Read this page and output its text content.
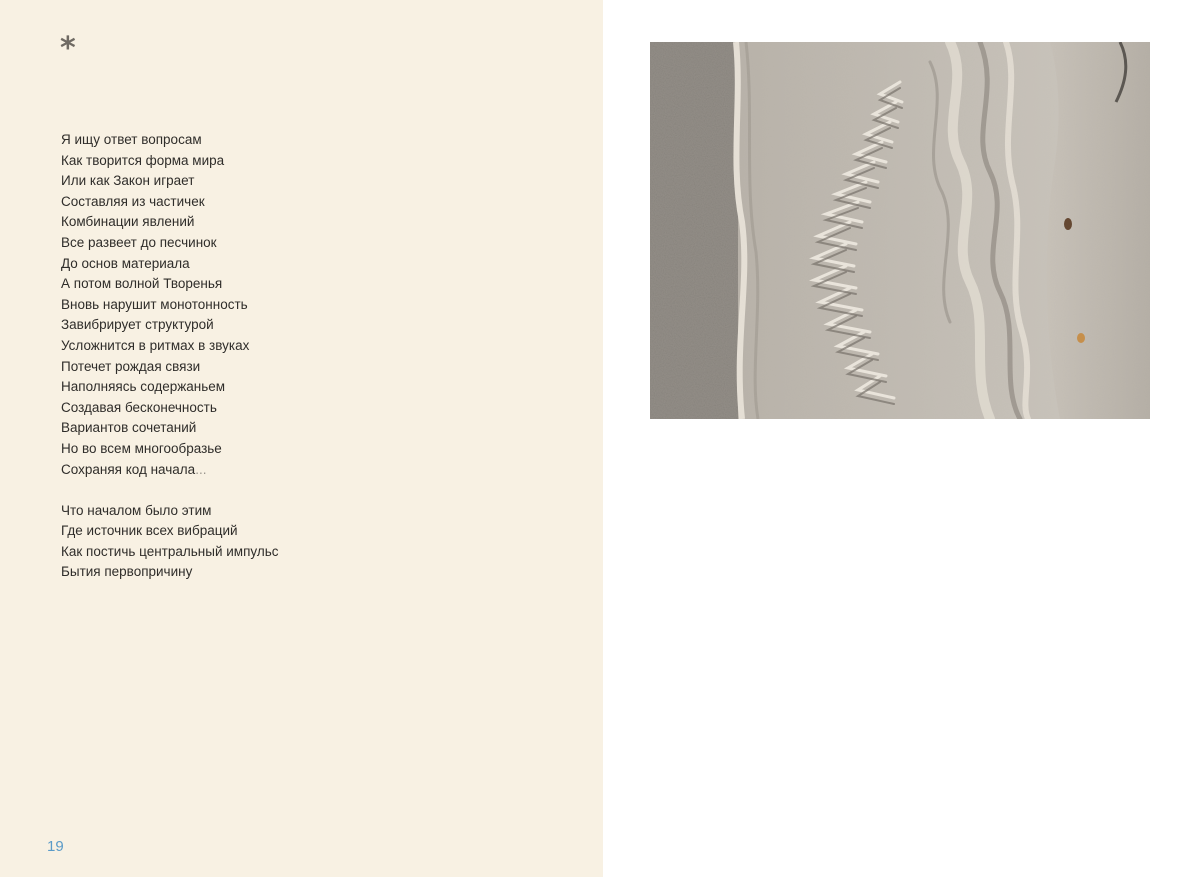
*
Я ищу ответ вопросам
Как творится форма мира
Или как Закон играет
Составляя из частичек
Комбинации явлений
Все развеет до песчинок
До основ материала
А потом волной Творенья
Вновь нарушит монотонность
Завибрирует структурой
Усложнится в ритмах в звуках
Потечет рождая связи
Наполняясь содержаньем
Создавая бесконечность
Вариантов сочетаний
Но во всем многообразье
Сохраняя код начала...
Что началом было этим
Где источник всех вибраций
Как постичь центральный импульс
Бытия первопричину
19
